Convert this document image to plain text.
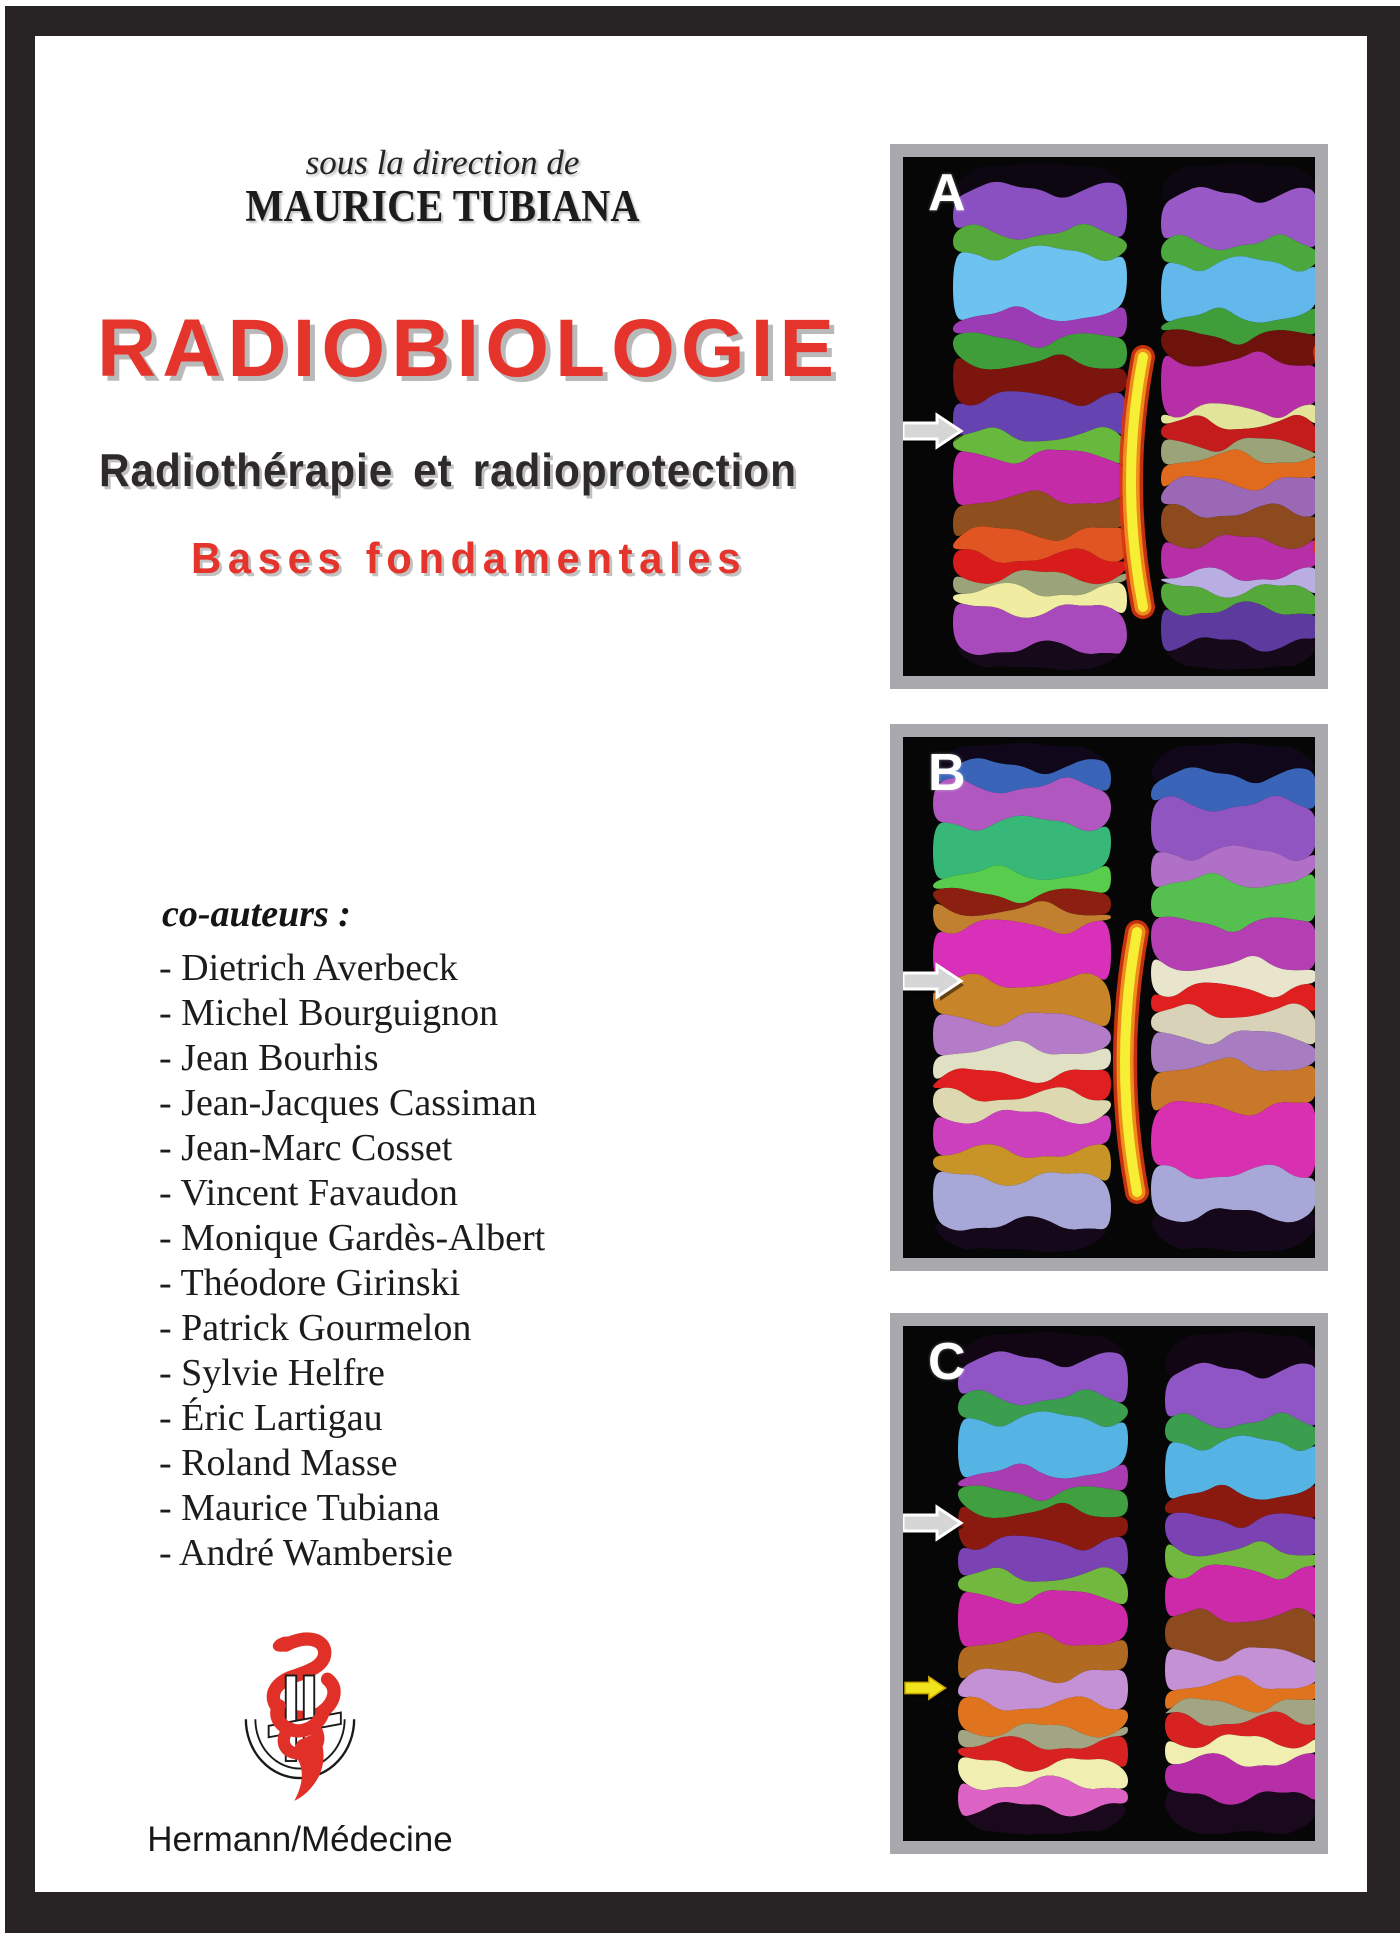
sous la direction de
MAURICE TUBIANA
RADIOBIOLOGIE
Radiothérapie et radioprotection
Bases fondamentales
co-auteurs :
- Dietrich Averbeck
- Michel Bourguignon
- Jean Bourhis
- Jean-Jacques Cassiman
- Jean-Marc Cosset
- Vincent Favaudon
- Monique Gardès-Albert
- Théodore Girinski
- Patrick Gourmelon
- Sylvie Helfre
- Éric Lartigau
- Roland Masse
- Maurice Tubiana
- André Wambersie
Hermann/Médecine
A
B
C
